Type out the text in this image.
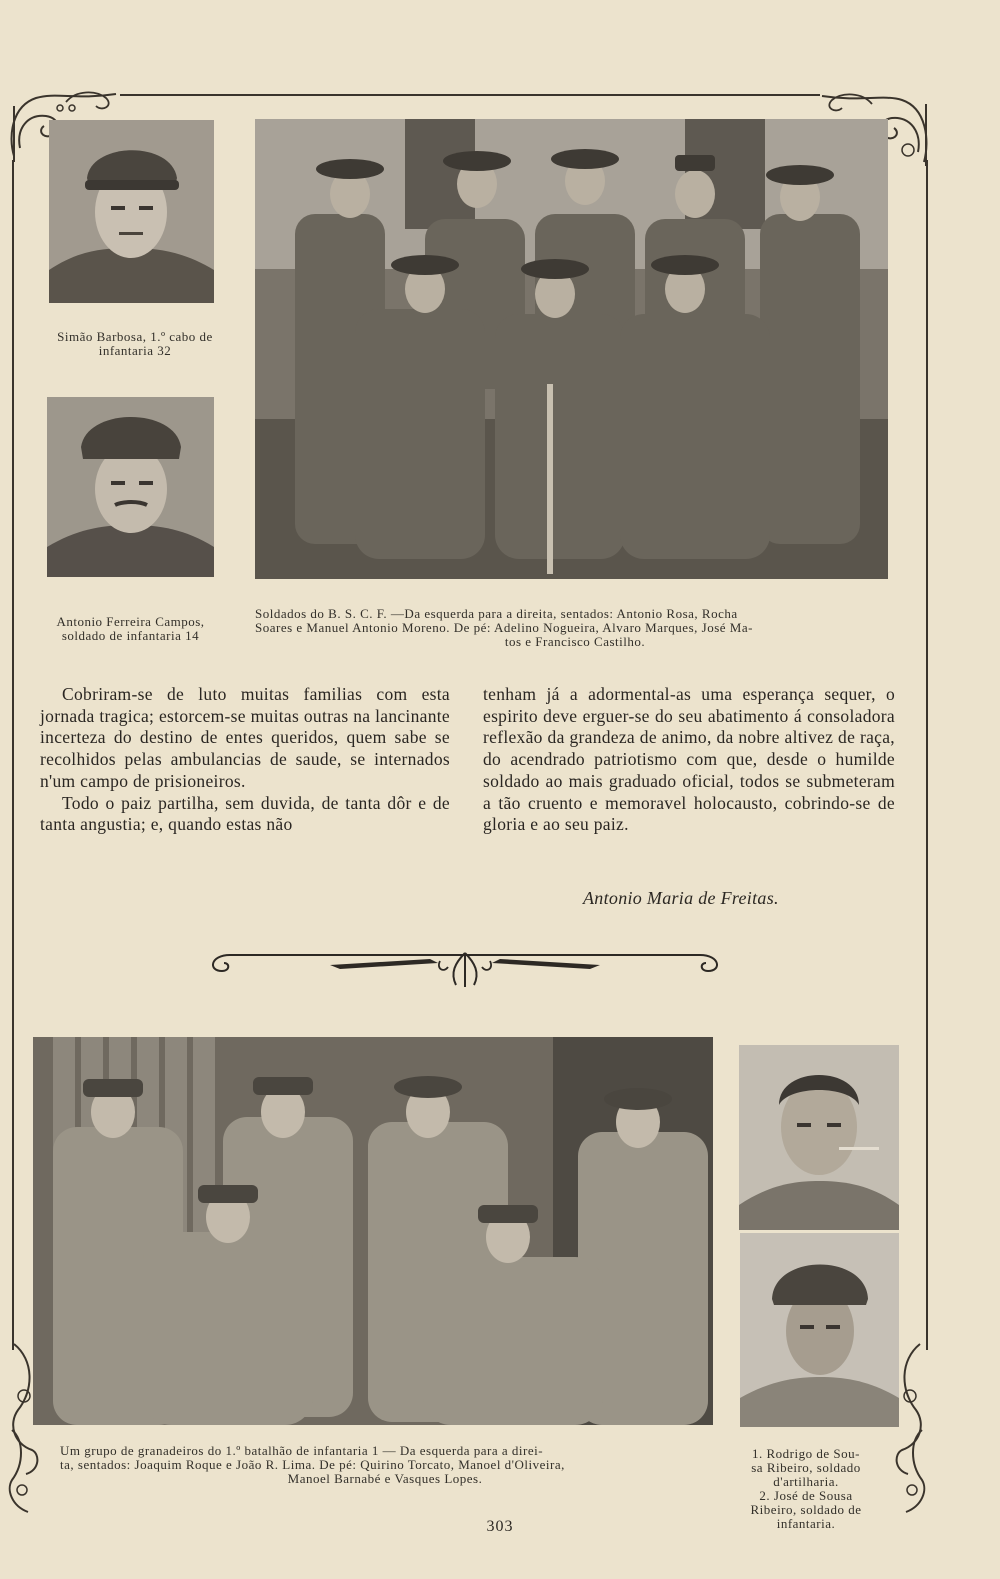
Simão Barbosa, 1.º cabo de
infantaria 32
Antonio Ferreira Campos,
soldado de infantaria 14
Soldados do B. S. C. F. —Da esquerda para a direita, sentados: Antonio Rosa, Rocha
Soares e Manuel Antonio Moreno. De pé: Adelino Nogueira, Alvaro Marques, José Ma-
tos e Francisco Castilho.

Cobriram-se de luto muitas familias com esta jornada tragica; estorcem-se muitas outras na lancinante incerteza do destino de entes queridos, quem sabe se recolhidos pelas ambulancias de saude, se internados n'um campo de prisioneiros.

Todo o paiz partilha, sem duvida, de tanta dôr e de tanta angustia; e, quando estas não

tenham já a adormental-as uma esperança sequer, o espirito deve erguer-se do seu abatimento á consoladora reflexão da grandeza de animo, da nobre altivez de raça, do acendrado patriotismo com que, desde o humilde soldado ao mais graduado oficial, todos se submeteram a tão cruento e memoravel holocausto, cobrindo-se de gloria e ao seu paiz.

Antonio Maria de Freitas.
Um grupo de granadeiros do 1.º batalhão de infantaria 1 — Da esquerda para a direi-
ta, sentados: Joaquim Roque e João R. Lima. De pé: Quirino Torcato, Manoel d'Oliveira,
Manoel Barnabé e Vasques Lopes.
1. Rodrigo de Sou-
sa Ribeiro, soldado
d'artilharia.
2. José de Sousa
Ribeiro, soldado de
infantaria.
303
